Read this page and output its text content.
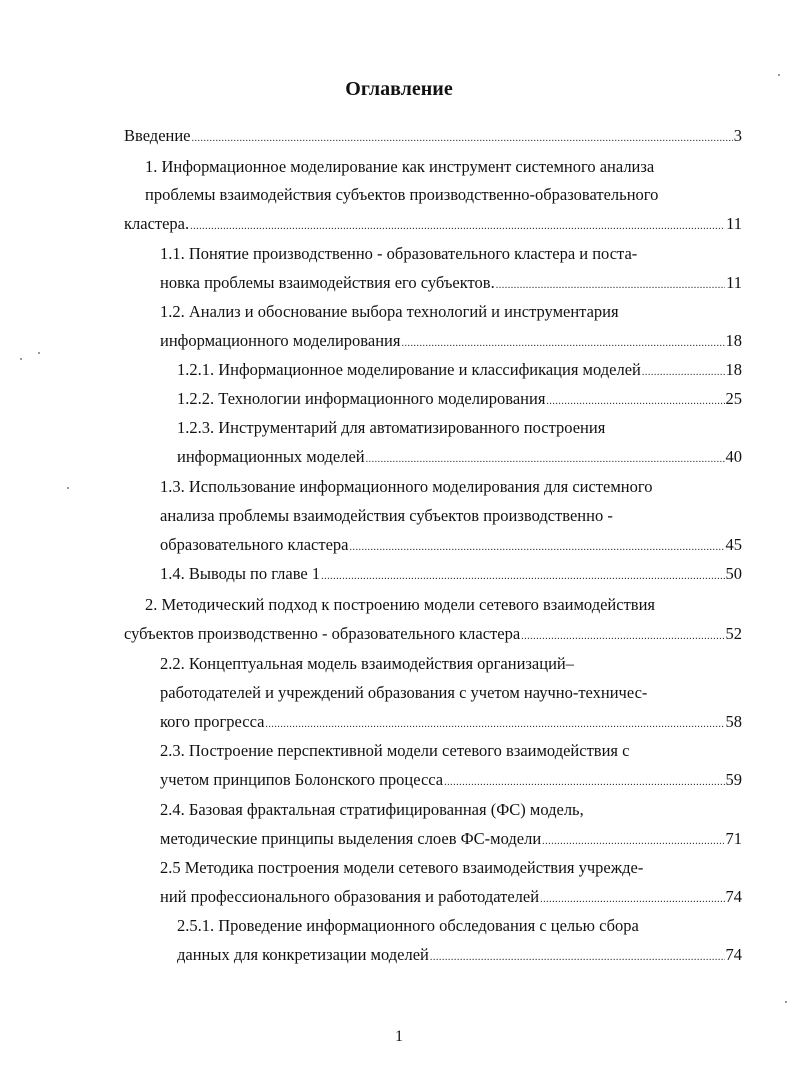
Оглавление
Введение .....	3
1. Информационное моделирование как инструмент системного анализа
проблемы взаимодействия субъектов производственно-образовательного
кластера. .....	11
1.1. Понятие производственно - образовательного кластера и поста-
новка проблемы взаимодействия его субъектов. .....	11
1.2. Анализ и обоснование выбора технологий и инструментария
информационного моделирования .....	18
1.2.1. Информационное моделирование и классификация моделей .....	18
1.2.2. Технологии информационного моделирования .....	25
1.2.3. Инструментарий для автоматизированного построения
информационных моделей .....	40
1.3. Использование информационного моделирования для системного
анализа проблемы взаимодействия субъектов производственно -
образовательного кластера .....	45
1.4. Выводы по главе 1 .....	50
2. Методический подход к построению модели сетевого взаимодействия
субъектов производственно - образовательного кластера .....	52
2.2. Концептуальная модель взаимодействия организаций–
работодателей и учреждений образования с учетом научно-техничес-
кого прогресса .....	58
2.3. Построение перспективной модели сетевого взаимодействия с
учетом принципов Болонского процесса .....	59
2.4. Базовая фрактальная стратифицированная (ФС) модель,
методические принципы выделения слоев ФС-модели .....	71
2.5 Методика построения модели сетевого взаимодействия учрежде-
ний профессионального образования и работодателей .....	74
2.5.1. Проведение информационного обследования с целью сбора
данных для конкретизации моделей .....	74
1
